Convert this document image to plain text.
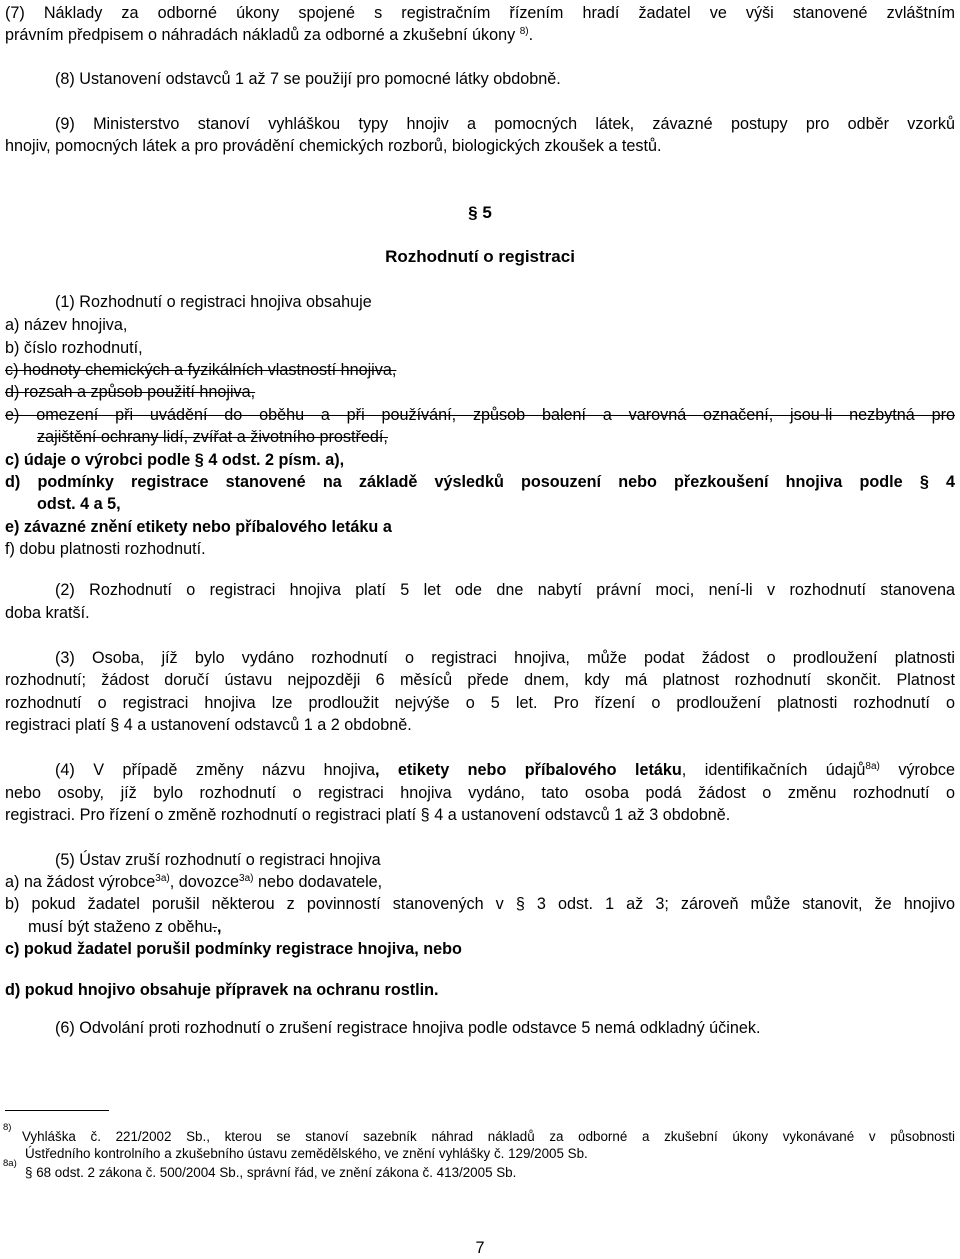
(7) Náklady za odborné úkony spojené s registračním řízením hradí žadatel ve výši stanovené zvláštním
právním předpisem o náhradách nákladů za odborné a zkušební úkony $^{8)}$.
(8) Ustanovení odstavců 1 až 7 se použijí pro pomocné látky obdobně.
(9) Ministerstvo stanoví vyhláškou typy hnojiv a pomocných látek, závazné postupy pro odběr vzorků
hnojiv, pomocných látek a pro provádění chemických rozborů, biologických zkoušek a testů.
§ 5
Rozhodnutí o registraci
(1) Rozhodnutí o registraci hnojiva obsahuje
a) název hnojiva,
b) číslo rozhodnutí,
c) hodnoty chemických a fyzikálních vlastností hnojiva,
d) rozsah a způsob použití hnojiva,
e) omezení při uvádění do oběhu a při používání, způsob balení a varovná označení, jsou-li nezbytná pro
zajištění ochrany lidí, zvířat a životního prostředí,
c) údaje o výrobci podle § 4 odst. 2 písm. a),
d) podmínky registrace stanovené na základě výsledků posouzení nebo přezkoušení hnojiva podle § 4
odst. 4 a 5,
e) závazné znění etikety nebo příbalového letáku a
f) dobu platnosti rozhodnutí.
(2) Rozhodnutí o registraci hnojiva platí 5 let ode dne nabytí právní moci, není-li v rozhodnutí stanovena
doba kratší.
(3) Osoba, jíž bylo vydáno rozhodnutí o registraci hnojiva, může podat žádost o prodloužení platnosti
rozhodnutí; žádost doručí ústavu nejpozději 6 měsíců přede dnem, kdy má platnost rozhodnutí skončit. Platnost
rozhodnutí o registraci hnojiva lze prodloužit nejvýše o 5 let. Pro řízení o prodloužení platnosti rozhodnutí o
registraci platí § 4 a ustanovení odstavců 1 a 2 obdobně.
(4) V případě změny názvu hnojiva, etikety nebo příbalového letáku, identifikačních údajů$^{8a)}$ výrobce
nebo osoby, jíž bylo rozhodnutí o registraci hnojiva vydáno, tato osoba podá žádost o změnu rozhodnutí o
registraci. Pro řízení o změně rozhodnutí o registraci platí § 4 a ustanovení odstavců 1 až 3 obdobně.
(5) Ústav zruší rozhodnutí o registraci hnojiva
a) na žádost výrobce$^{3a)}$, dovozce$^{3a)}$ nebo dodavatele,
b) pokud žadatel porušil některou z povinností stanovených v § 3 odst. 1 až 3; zároveň může stanovit, že hnojivo
musí být staženo z oběhu.,
c) pokud žadatel porušil podmínky registrace hnojiva, nebo
d) pokud hnojivo obsahuje přípravek na ochranu rostlin.
(6) Odvolání proti rozhodnutí o zrušení registrace hnojiva podle odstavce 5 nemá odkladný účinek.
Vyhláška č. 221/2002 Sb., kterou se stanoví sazebník náhrad nákladů za odborné a zkušební úkony vykonávané v působnosti
8)
Ústředního kontrolního a zkušebního ústavu zemědělského, ve znění vyhlášky č. 129/2005 Sb.
8a)
§ 68 odst. 2 zákona č. 500/2004 Sb., správní řád, ve znění zákona č. 413/2005 Sb.
7
